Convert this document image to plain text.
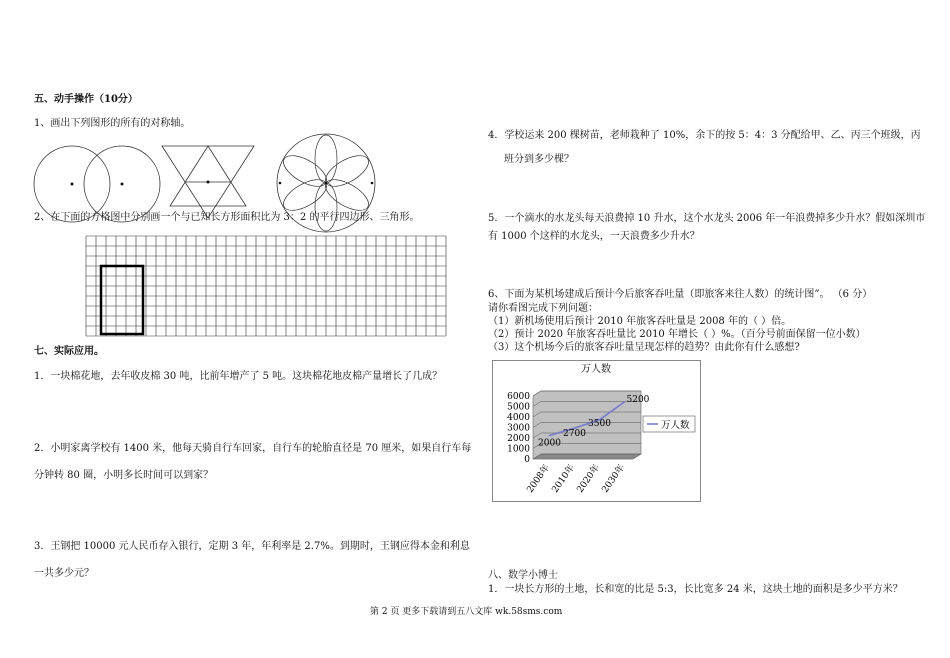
五、动手操作（10分）
1、画出下列图形的所有的对称轴。
2、在下面的方格图中分别画一个与已知长方形面积比为 3：2 的平行四边形、三角形。
七、实际应用。
1．一块棉花地，去年收皮棉 30 吨，比前年增产了 5 吨。这块棉花地皮棉产量增长了几成？
2．小明家离学校有 1400 米，他每天骑自行车回家，自行车的轮胎直径是 70 厘米，如果自行车每
分钟转 80 圈，小明多长时间可以到家？
3．王钢把 10000 元人民币存入银行，定期 3 年，年利率是 2.7%。到期时，王钢应得本金和利息
一共多少元？
4．学校运来 200 棵树苗，老师栽种了 10%，余下的按 5：4：3 分配给甲、乙、丙三个班级，丙
班分到多少棵？
5．一个滴水的水龙头每天浪费掉 10 升水，这个水龙头 2006 年一年浪费掉多少升水？假如深圳市
有 1000 个这样的水龙头，一天浪费多少升水？
6、下面为某机场建成后预计今后旅客吞吐量（即旅客来往人数）的统计图”。 （6 分）
请你看图完成下列问题：
（1）新机场使用后预计 2010 年旅客吞吐量是 2008 年的（ ）倍。
（2）预计 2020 年旅客吞吐量比 2010 年增长（ ）%。（百分号前面保留一位小数）
（3）这个机场今后的旅客吞吐量呈现怎样的趋势？由此你有什么感想?
万人数
0
1000
2000
3000
4000
5000
6000
2000
2700
3500
5200
2008年
2010年
2020年
2030年
万人数
八、数学小博士
1．一块长方形的土地，长和宽的比是 5:3，长比宽多 24 米，这块土地的面积是多少平方米？
第 2 页 更多下载请到五八文库 wk.58sms.com
